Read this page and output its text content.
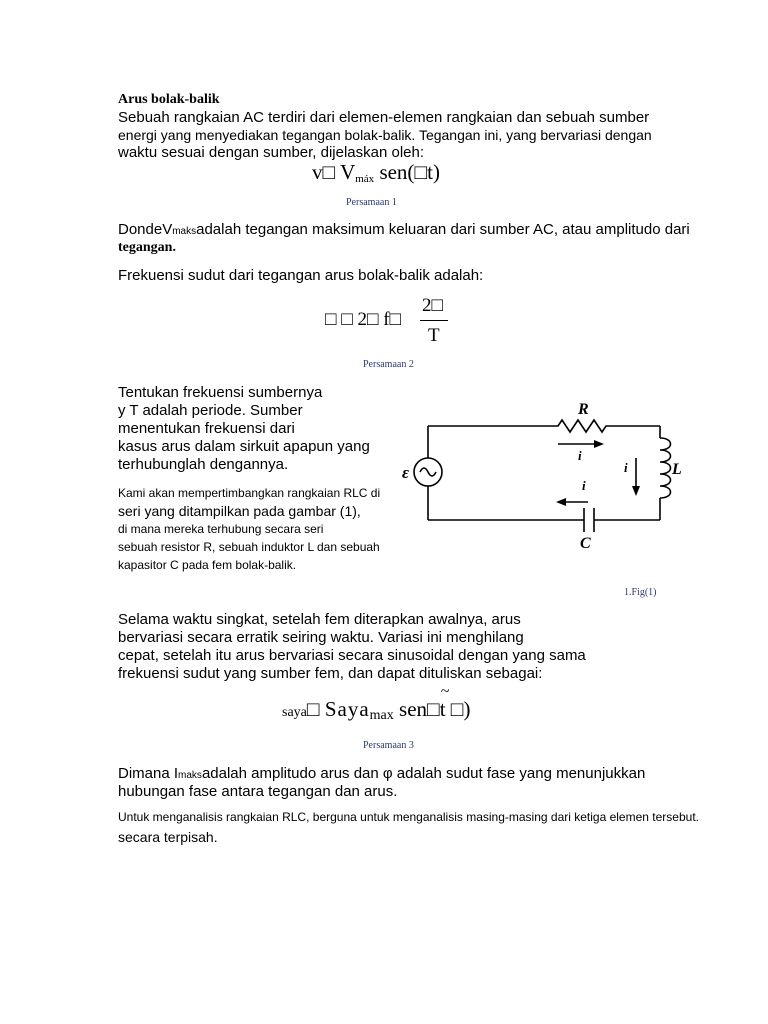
Arus bolak-balik
Sebuah rangkaian AC terdiri dari elemen-elemen rangkaian dan sebuah sumber
energi yang menyediakan tegangan bolak-balik. Tegangan ini, yang bervariasi dengan
waktu sesuai dengan sumber, dijelaskan oleh:
v□ $V_{máx}$ sen(□t)
Persamaan 1
DondeVmaksadalah tegangan maksimum keluaran dari sumber AC, atau amplitudo dari
tegangan.
Frekuensi sudut dari tegangan arus bolak-balik adalah:
□ □ 2□ f□
2□
T
Persamaan 2
Tentukan frekuensi sumbernya
y T adalah periode. Sumber
menentukan frekuensi dari
kasus arus dalam sirkuit apapun yang
terhubunglah dengannya.
Kami akan mempertimbangkan rangkaian RLC di
seri yang ditampilkan pada gambar (1),
di mana mereka terhubung secara seri
sebuah resistor R, sebuah induktor L dan sebuah
kapasitor C pada fem bolak-balik.
R
L
C
ε
i
i
i
1.Fig(1)
Selama waktu singkat, setelah fem diterapkan awalnya, arus
bervariasi secara erratik seiring waktu. Variasi ini menghilang
cepat, setelah itu arus bervariasi secara sinusoidal dengan yang sama
frekuensi sudut yang sumber fem, dan dapat dituliskan sebagai:
saya□ Saya$_{max}$ sen□
~
t □)
Persamaan 3
Dimana Imaksadalah amplitudo arus dan φ adalah sudut fase yang menunjukkan
hubungan fase antara tegangan dan arus.
Untuk menganalisis rangkaian RLC, berguna untuk menganalisis masing-masing dari ketiga elemen tersebut.
secara terpisah.
